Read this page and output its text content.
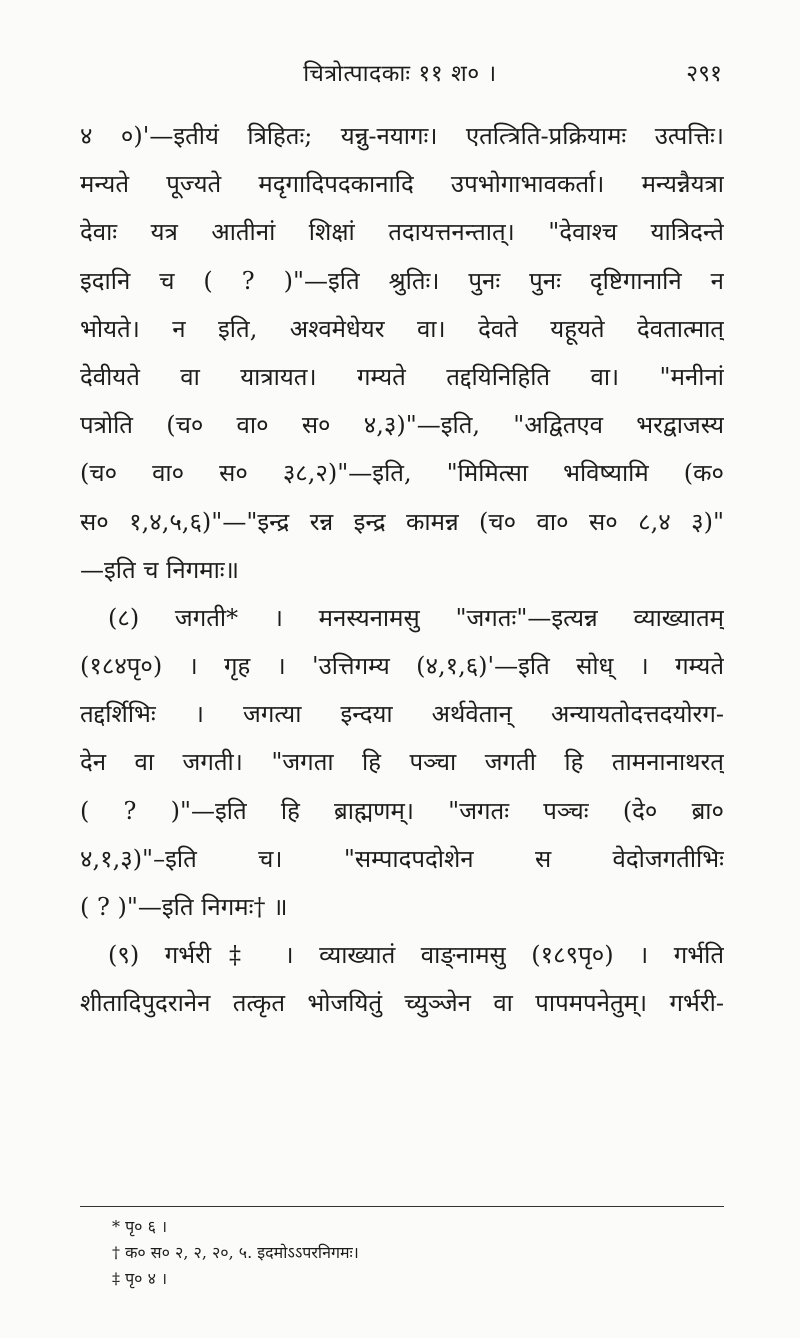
चित्रोत्पादकाः ११ श० ।	२९१
४ ०)'—इतीयं त्रिहितः; यन्नु-नयागः। एतत्त्रिति-प्रक्रियामः उत्पत्तिः।
मन्यते पूज्यते मदृगादिपदकानादि उपभोगाभावकर्ता। मन्यन्नैयत्रा
देवाः यत्र आतीनां शिक्षां तदायत्तनन्तात्। "देवाश्च यात्रिदन्ते
इदानि च ( ? )"—इति श्रुतिः। पुनः पुनः दृष्टिगानानि न
भोयते। न इति, अश्वमेधेयर वा। देवते यहूयते देवतात्मात्
देवीयते वा यात्रायत। गम्यते तद्दयिनिहिति वा। "मनीनां
पत्रोति (च० वा० स० ४,३)"—इति, "अद्वितएव भरद्वाजस्य
(च० वा० स० ३८,२)"—इति, "मिमित्सा भविष्यामि (क०
स० १,४,५,६)"—"इन्द्र रन्न इन्द्र कामन्न (च० वा० स० ८,४ ३)"
—इति च निगमाः॥
(८) जगती* । मनस्यनामसु "जगतः"—इत्यन्न व्याख्यातम्
(१८४पृ०) । गृह । 'उत्तिगम्य (४,१,६)'—इति सोध् । गम्यते
तद्दर्शिभिः । जगत्या इन्दया अर्थवेतान् अन्यायतोदत्तदयोरग-
देन वा जगती। "जगता हि पञ्चा जगती हि तामनानाथरत्
( ? )"—इति हि ब्राह्मणम्। "जगतः पञ्चः (दे० ब्रा०
४,१,३)"–इति च। "सम्पादपदोशेन स वेदोजगतीभिः
( ? )"—इति निगमः† ॥
(९) गर्भरी‡ । व्याख्यातं वाङ्नामसु (१८९पृ०) । गर्भति
शीतादिपुदरानेन तत्कृत भोजयितुं च्युञ्जेन वा पापमपनेतुम्। गर्भरी-
* पृ० ६ ।
† क० स० २, २, २०, ५. इदमोऽऽपरनिगमः।
‡ पृ० ४ ।
